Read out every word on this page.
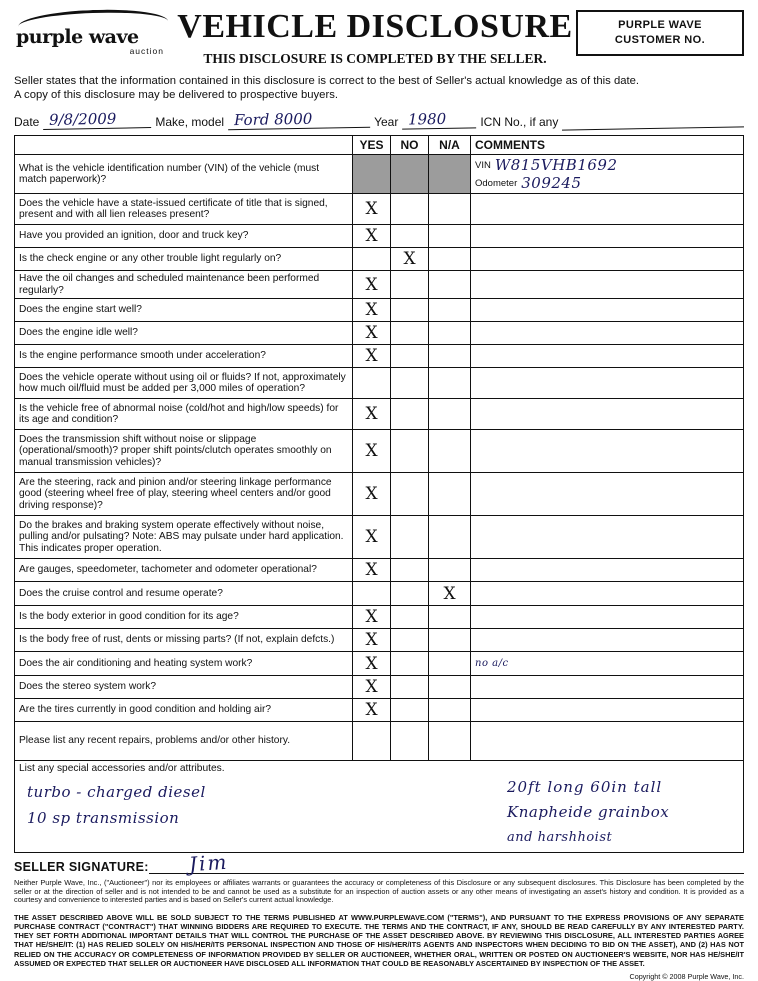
purple wave
auction
VEHICLE DISCLOSURE
THIS DISCLOSURE IS COMPLETED BY THE SELLER.
PURPLE WAVE
CUSTOMER NO.
Seller states that the information contained in this disclosure is correct to the best of Seller's actual knowledge as of this date.
A copy of this disclosure may be delivered to prospective buyers.
Date 9/8/2009	Make, model Ford 8000	Year 1980	ICN No., if any
	YES	NO	N/A	COMMENTS
What is the vehicle identification number (VIN) of the vehicle (must match paperwork)?				VIN W815VHB1692
Odometer 309245

Does the vehicle have a state-issued certificate of title that is signed, present and with all lien releases present?	X			
Have you provided an ignition, door and truck key?	X			
Is the check engine or any other trouble light regularly on?		X		
Have the oil changes and scheduled maintenance been performed regularly?	X			
Does the engine start well?	X			
Does the engine idle well?	X			
Is the engine performance smooth under acceleration?	X			
Does the vehicle operate without using oil or fluids? If not, approximately how much oil/fluid must be added per 3,000 miles of operation?				
Is the vehicle free of abnormal noise (cold/hot and high/low speeds) for its age and condition?	X			
Does the transmission shift without noise or slippage (operational/smooth)? proper shift points/clutch operates smoothly on manual transmission vehicles)?	X			
Are the steering, rack and pinion and/or steering linkage performance good (steering wheel free of play, steering wheel centers and/or good driving response)?	X			
Do the brakes and braking system operate effectively without noise, pulling and/or pulsating? Note: ABS may pulsate under hard application. This indicates proper operation.	X			
Are gauges, speedometer, tachometer and odometer operational?	X			
Does the cruise control and resume operate?			X	
Is the body exterior in good condition for its age?	X			
Is the body free of rust, dents or missing parts? (If not, explain defcts.)	X			
Does the air conditioning and heating system work?	X			no a/c
Does the stereo system work?	X			
Are the tires currently in good condition and holding air?	X			
Please list any recent repairs, problems and/or other history.				
List any special accessories and/or attributes.
turbo - charged diesel
10 sp transmission
20ft long 60in tall
Knapheide grainbox
and harshhoist
SELLER SIGNATURE: Jim
Neither Purple Wave, Inc., ("Auctioneer") nor its employees or affiliates warrants or guarantees the accuracy or completeness of this Disclosure or any subsequent disclosures. This Disclosure has been completed by the seller or at the direction of seller and is not intended to be and cannot be used as a substitute for an inspection of auction assets or any other means of investigating an asset's history and condition. It is provided as a courtesy and convenience to interested parties and is based on Seller's current actual knowledge.
THE ASSET DESCRIBED ABOVE WILL BE SOLD SUBJECT TO THE TERMS PUBLISHED AT WWW.PURPLEWAVE.COM ("TERMS"), AND PURSUANT TO THE EXPRESS PROVISIONS OF ANY SEPARATE PURCHASE CONTRACT ("CONTRACT") THAT WINNING BIDDERS ARE REQUIRED TO EXECUTE. THE TERMS AND THE CONTRACT, IF ANY, SHOULD BE READ CAREFULLY BY ANY INTERESTED PARTY. THEY SET FORTH ADDITIONAL IMPORTANT DETAILS THAT WILL CONTROL THE PURCHASE OF THE ASSET DESCRIBED ABOVE. BY REVIEWING THIS DISCLOSURE, ALL INTERESTED PARTIES AGREE THAT HE/SHE/IT: (1) HAS RELIED SOLELY ON HIS/HER/ITS PERSONAL INSPECTION AND THOSE OF HIS/HER/ITS AGENTS AND INSPECTORS WHEN DECIDING TO BID ON THE ASSET), AND (2) HAS NOT RELIED ON THE ACCURACY OR COMPLETENESS OF INFORMATION PROVIDED BY SELLER OR AUCTIONEER, WHETHER ORAL, WRITTEN OR POSTED ON AUCTIONEER'S WEBSITE, NOR HAS HE/SHE/IT ASSUMED OR EXPECTED THAT SELLER OR AUCTIONEER HAVE DISCLOSED ALL INFORMATION THAT COULD BE REASONABLY ASCERTAINED BY INSPECTION OF THE ASSET.
Copyright © 2008 Purple Wave, Inc.
